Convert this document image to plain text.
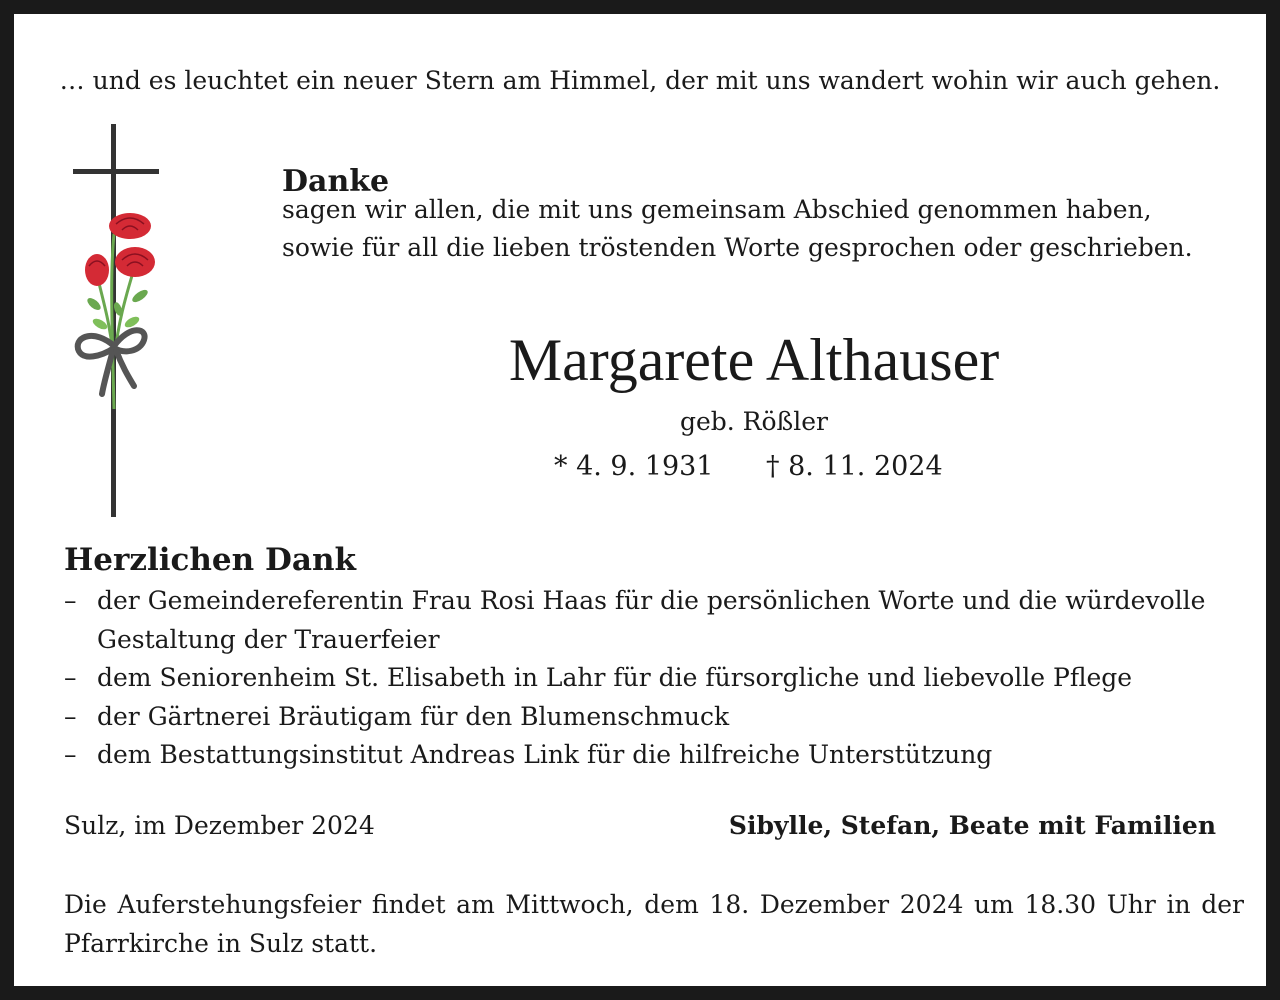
… und es leuchtet ein neuer Stern am Himmel, der mit uns wandert wohin wir auch gehen.
Danke
sagen wir allen, die mit uns gemeinsam Abschied genommen haben,
sowie für all die lieben tröstenden Worte gesprochen oder geschrieben.
Margarete Althauser
geb. Rößler
* 4. 9. 1931 † 8. 11. 2024
Herzlichen Dank
– der Gemeindereferentin Frau Rosi Haas für die persönlichen Worte und die würdevolle Gestaltung der Trauerfeier
– dem Seniorenheim St. Elisabeth in Lahr für die fürsorgliche und liebevolle Pflege
– der Gärtnerei Bräutigam für den Blumenschmuck
– dem Bestattungsinstitut Andreas Link für die hilfreiche Unterstützung
Sulz, im Dezember 2024	Sibylle, Stefan, Beate mit Familien
Die Auferstehungsfeier findet am Mittwoch, dem 18. Dezember 2024 um 18.30 Uhr in der Pfarrkirche in Sulz statt.
